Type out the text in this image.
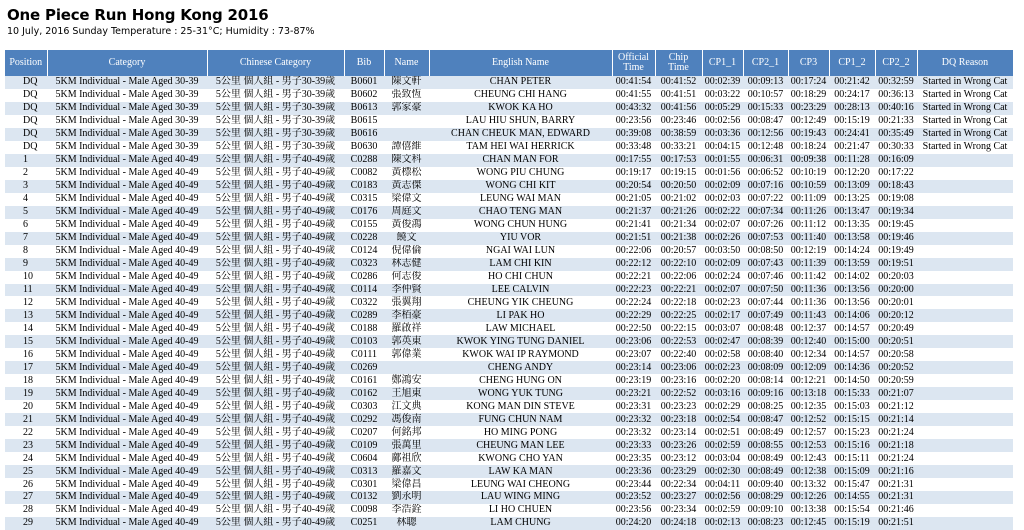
One Piece Run Hong Kong 2016
10 July, 2016 Sunday Temperature : 25-31°C; Humidity : 73-87%
Position	Category	Chinese Category	Bib	Name	English Name	Official Time	Chip Time	CP1_1	CP2_1	CP3	CP1_2	CP2_2	DQ Reason
DQ	5KM Individual - Male Aged 30-39	5公里 個人組 - 男子30-39歲	B0601	陳文軒	CHAN PETER	00:41:54	00:41:52	00:02:39	00:09:13	00:17:24	00:21:42	00:32:59	Started in Wrong Cat
DQ	5KM Individual - Male Aged 30-39	5公里 個人組 - 男子30-39歲	B0602	張致恆	CHEUNG CHI HANG	00:41:55	00:41:51	00:03:22	00:10:57	00:18:29	00:24:17	00:36:13	Started in Wrong Cat
DQ	5KM Individual - Male Aged 30-39	5公里 個人組 - 男子30-39歲	B0613	郭家豪	KWOK KA HO	00:43:32	00:41:56	00:05:29	00:15:33	00:23:29	00:28:13	00:40:16	Started in Wrong Cat
DQ	5KM Individual - Male Aged 30-39	5公里 個人組 - 男子30-39歲	B0615		LAU HIU SHUN, BARRY	00:23:56	00:23:46	00:02:56	00:08:47	00:12:49	00:15:19	00:21:33	Started in Wrong Cat
DQ	5KM Individual - Male Aged 30-39	5公里 個人組 - 男子30-39歲	B0616		CHAN CHEUK MAN, EDWARD	00:39:08	00:38:59	00:03:36	00:12:56	00:19:43	00:24:41	00:35:49	Started in Wrong Cat
DQ	5KM Individual - Male Aged 30-39	5公里 個人組 - 男子30-39歲	B0630	譚僖維	TAM HEI WAI HERRICK	00:33:48	00:33:21	00:04:15	00:12:48	00:18:24	00:21:47	00:30:33	Started in Wrong Cat
1	5KM Individual - Male Aged 40-49	5公里 個人組 - 男子40-49歲	C0288	陳文科	CHAN MAN FOR	00:17:55	00:17:53	00:01:55	00:06:31	00:09:38	00:11:28	00:16:09	
2	5KM Individual - Male Aged 40-49	5公里 個人組 - 男子40-49歲	C0082	黃標松	WONG PIU CHUNG	00:19:17	00:19:15	00:01:56	00:06:52	00:10:19	00:12:20	00:17:22	
3	5KM Individual - Male Aged 40-49	5公里 個人組 - 男子40-49歲	C0183	黃志傑	WONG CHI KIT	00:20:54	00:20:50	00:02:09	00:07:16	00:10:59	00:13:09	00:18:43	
4	5KM Individual - Male Aged 40-49	5公里 個人組 - 男子40-49歲	C0315	梁偉文	LEUNG WAI MAN	00:21:05	00:21:02	00:02:03	00:07:22	00:11:09	00:13:25	00:19:08	
5	5KM Individual - Male Aged 40-49	5公里 個人組 - 男子40-49歲	C0176	周庭文	CHAO TENG MAN	00:21:37	00:21:26	00:02:22	00:07:34	00:11:26	00:13:47	00:19:34	
6	5KM Individual - Male Aged 40-49	5公里 個人組 - 男子40-49歲	C0155	黃俊鴻	WONG CHUN HUNG	00:21:41	00:21:34	00:02:07	00:07:26	00:11:12	00:13:35	00:19:45	
7	5KM Individual - Male Aged 40-49	5公里 個人組 - 男子40-49歲	C0228	饒文	YIU VOR	00:21:51	00:21:38	00:02:26	00:07:53	00:11:40	00:13:58	00:19:46	
8	5KM Individual - Male Aged 40-49	5公里 個人組 - 男子40-49歲	C0124	倪偉倫	NGAI WAI LUN	00:22:06	00:20:57	00:03:50	00:08:50	00:12:19	00:14:24	00:19:49	
9	5KM Individual - Male Aged 40-49	5公里 個人組 - 男子40-49歲	C0323	林志健	LAM CHI KIN	00:22:12	00:22:10	00:02:09	00:07:43	00:11:39	00:13:59	00:19:51	
10	5KM Individual - Male Aged 40-49	5公里 個人組 - 男子40-49歲	C0286	何志俊	HO CHI CHUN	00:22:21	00:22:06	00:02:24	00:07:46	00:11:42	00:14:02	00:20:03	
11	5KM Individual - Male Aged 40-49	5公里 個人組 - 男子40-49歲	C0114	李仲賢	LEE CALVIN	00:22:23	00:22:21	00:02:07	00:07:50	00:11:36	00:13:56	00:20:00	
12	5KM Individual - Male Aged 40-49	5公里 個人組 - 男子40-49歲	C0322	張翼翔	CHEUNG YIK CHEUNG	00:22:24	00:22:18	00:02:23	00:07:44	00:11:36	00:13:56	00:20:01	
13	5KM Individual - Male Aged 40-49	5公里 個人組 - 男子40-49歲	C0289	李栢豪	LI PAK HO	00:22:29	00:22:25	00:02:17	00:07:49	00:11:43	00:14:06	00:20:12	
14	5KM Individual - Male Aged 40-49	5公里 個人組 - 男子40-49歲	C0188	羅啟祥	LAW MICHAEL	00:22:50	00:22:15	00:03:07	00:08:48	00:12:37	00:14:57	00:20:49	
15	5KM Individual - Male Aged 40-49	5公里 個人組 - 男子40-49歲	C0103	郭英東	KWOK YING TUNG DANIEL	00:23:06	00:22:53	00:02:47	00:08:39	00:12:40	00:15:00	00:20:51	
16	5KM Individual - Male Aged 40-49	5公里 個人組 - 男子40-49歲	C0111	郭偉業	KWOK WAI IP RAYMOND	00:23:07	00:22:40	00:02:58	00:08:40	00:12:34	00:14:57	00:20:58	
17	5KM Individual - Male Aged 40-49	5公里 個人組 - 男子40-49歲	C0269		CHENG ANDY	00:23:14	00:23:06	00:02:23	00:08:09	00:12:09	00:14:36	00:20:52	
18	5KM Individual - Male Aged 40-49	5公里 個人組 - 男子40-49歲	C0161	鄭鴻安	CHENG HUNG ON	00:23:19	00:23:16	00:02:20	00:08:14	00:12:21	00:14:50	00:20:59	
19	5KM Individual - Male Aged 40-49	5公里 個人組 - 男子40-49歲	C0162	王旭東	WONG YUK TUNG	00:23:21	00:22:52	00:03:16	00:09:16	00:13:18	00:15:33	00:21:07	
20	5KM Individual - Male Aged 40-49	5公里 個人組 - 男子40-49歲	C0303	江文典	KONG MAN DIN STEVE	00:23:31	00:23:23	00:02:29	00:08:25	00:12:35	00:15:03	00:21:12	
21	5KM Individual - Male Aged 40-49	5公里 個人組 - 男子40-49歲	C0292	馮俊南	FUNG CHUN NAM	00:23:32	00:23:18	00:02:54	00:08:47	00:12:52	00:15:15	00:21:14	
22	5KM Individual - Male Aged 40-49	5公里 個人組 - 男子40-49歲	C0207	何銘邦	HO MING PONG	00:23:32	00:23:14	00:02:51	00:08:49	00:12:57	00:15:23	00:21:24	
23	5KM Individual - Male Aged 40-49	5公里 個人組 - 男子40-49歲	C0109	張萬里	CHEUNG MAN LEE	00:23:33	00:23:26	00:02:59	00:08:55	00:12:53	00:15:16	00:21:18	
24	5KM Individual - Male Aged 40-49	5公里 個人組 - 男子40-49歲	C0604	鄺祖欣	KWONG CHO YAN	00:23:35	00:23:12	00:03:04	00:08:49	00:12:43	00:15:11	00:21:24	
25	5KM Individual - Male Aged 40-49	5公里 個人組 - 男子40-49歲	C0313	羅嘉文	LAW KA MAN	00:23:36	00:23:29	00:02:30	00:08:49	00:12:38	00:15:09	00:21:16	
26	5KM Individual - Male Aged 40-49	5公里 個人組 - 男子40-49歲	C0301	梁偉昌	LEUNG WAI CHEONG	00:23:44	00:22:34	00:04:11	00:09:40	00:13:32	00:15:47	00:21:31	
27	5KM Individual - Male Aged 40-49	5公里 個人組 - 男子40-49歲	C0132	劉永明	LAU WING MING	00:23:52	00:23:27	00:02:56	00:08:29	00:12:26	00:14:55	00:21:31	
28	5KM Individual - Male Aged 40-49	5公里 個人組 - 男子40-49歲	C0098	李浩銓	LI HO CHUEN	00:23:56	00:23:34	00:02:59	00:09:10	00:13:38	00:15:54	00:21:46	
29	5KM Individual - Male Aged 40-49	5公里 個人組 - 男子40-49歲	C0251	林聰	LAM CHUNG	00:24:20	00:24:18	00:02:13	00:08:23	00:12:45	00:15:19	00:21:51	
